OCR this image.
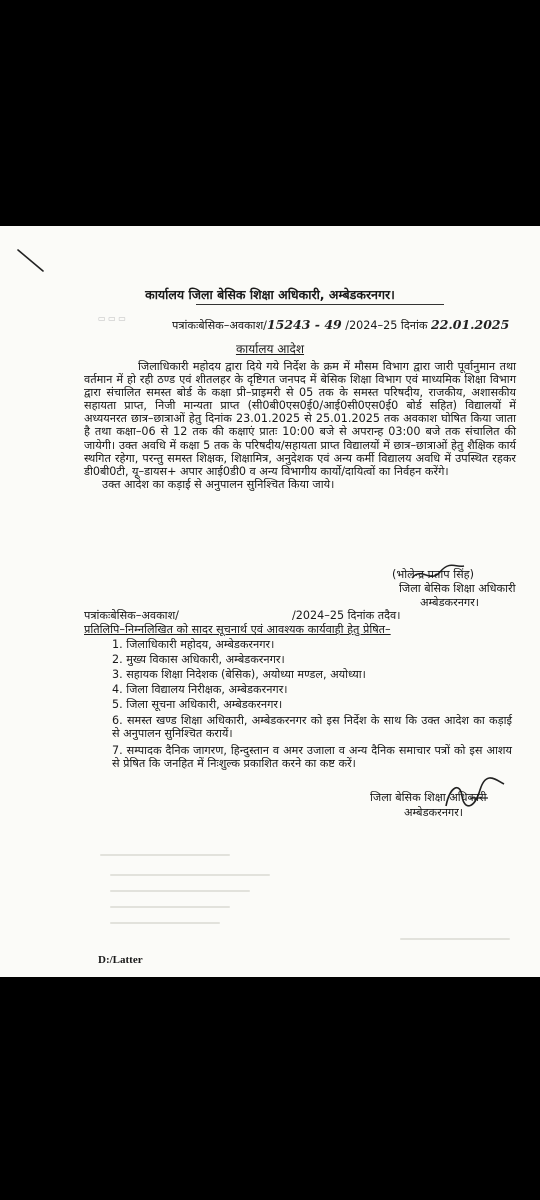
कार्यालय जिला बेसिक शिक्षा अधिकारी, अम्बेडकरनगर।
▭ ▭ ▭
पत्रांकःबेसिक–अवकाश/15243 - 49 /2024–25 दिनांक 22.01.2025
कार्यालय आदेश

जिलाधिकारी महोदय द्वारा दिये गये निर्देश के क्रम में मौसम विभाग द्वारा जारी पूर्वानुमान तथा वर्तमान में हो रही ठण्ड एवं शीतलहर के दृष्टिगत जनपद में बेसिक शिक्षा विभाग एवं माध्यमिक शिक्षा विभाग द्वारा संचालित समस्त बोर्ड के कक्षा प्री–प्राइमरी से 05 तक के समस्त परिषदीय, राजकीय, अशासकीय सहायता प्राप्त, निजी मान्यता प्राप्त (सी0बी0एस0ई0/आई0सी0एस0ई0 बोर्ड सहित) विद्यालयों में अध्ययनरत छात्र–छात्राओं हेतु दिनांक 23.01.2025 से 25.01.2025 तक अवकाश घोषित किया जाता है तथा कक्षा–06 से 12 तक की कक्षाएं प्रातः 10:00 बजे से अपरान्ह 03:00 बजे तक संचालित की जायेगी। उक्त अवधि में कक्षा 5 तक के परिषदीय/सहायता प्राप्त विद्यालयों में छात्र–छात्राओं हेतु शैक्षिक कार्य स्थगित रहेगा, परन्तु समस्त शिक्षक, शिक्षामित्र, अनुदेशक एवं अन्य कर्मी विद्यालय अवधि में उपस्थित रहकर डी0बी0टी, यू–डायस+ अपार आई0डी0 व अन्य विभागीय कार्यो/दायित्वों का निर्वहन करेंगे।

उक्त आदेश का कड़ाई से अनुपालन सुनिश्चित किया जाये।

(भोलेन्द्र प्रताप सिंह)
जिला बेसिक शिक्षा अधिकारी
अम्बेडकरनगर।
पत्रांकःबेसिक–अवकाश/	/2024–25 दिनांक तदैव।
प्रतिलिपि–निम्नलिखित को सादर सूचनार्थ एवं आवश्यक कार्यवाही हेतु प्रेषित–
1. जिलाधिकारी महोदय, अम्बेडकरनगर।
2. मुख्य विकास अधिकारी, अम्बेडकरनगर।
3. सहायक शिक्षा निदेशक (बेसिक), अयोध्या मण्डल, अयोध्या।
4. जिला विद्यालय निरीक्षक, अम्बेडकरनगर।
5. जिला सूचना अधिकारी, अम्बेडकरनगर।
6. समस्त खण्ड शिक्षा अधिकारी, अम्बेडकरनगर को इस निर्देश के साथ कि उक्त आदेश का कड़ाई से अनुपालन सुनिश्चित करायें।
7. सम्पादक दैनिक जागरण, हिन्दुस्तान व अमर उजाला व अन्य दैनिक समाचार पत्रों को इस आशय से प्रेषित कि जनहित में निःशुल्क प्रकाशित करने का कष्ट करें।
जिला बेसिक शिक्षा अधिकारी
अम्बेडकरनगर।
D:/Latter
